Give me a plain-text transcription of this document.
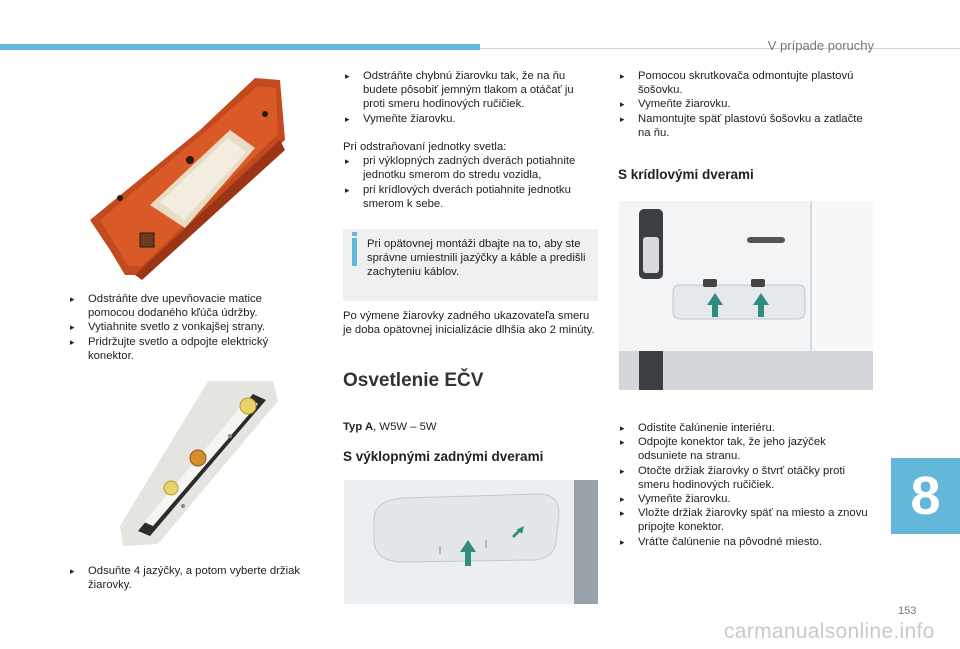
V prípade poruchy

▸ Odstráňte dve upevňovacie matice pomocou dodaného kľúča údržby.

▸ Vytiahnite svetlo z vonkajšej strany.

▸ Pridržujte svetlo a odpojte elektrický konektor.

▸ Odsuňte 4 jazýčky, a potom vyberte držiak žiarovky.

▸ Odstráňte chybnú žiarovku tak, že na ňu budete pôsobiť jemným tlakom a otáčať ju proti smeru hodinových ručičiek.

▸ Vymeňte žiarovku.

Pri odstraňovaní jednotky svetla:

▸ pri výklopných zadných dverách potiahnite jednotku smerom do stredu vozidla,

▸ pri krídlových dverách potiahnite jednotku smerom k sebe.

Pri opätovnej montáži dbajte na to, aby ste správne umiestnili jazýčky a káble a predišli zachyteniu káblov.
Po výmene žiarovky zadného ukazovateľa smeru je doba opätovnej inicializácie dlhšia ako 2 minúty.
Osvetlenie EČV
Typ A, W5W – 5W
S výklopnými zadnými dverami

▸ Pomocou skrutkovača odmontujte plastovú šošovku.

▸ Vymeňte žiarovku.

▸ Namontujte späť plastovú šošovku a zatlačte na ňu.

S krídlovými dverami

▸ Odistite čalúnenie interiéru.

▸ Odpojte konektor tak, že jeho jazýček odsuniete na stranu.

▸ Otočte držiak žiarovky o štvrť otáčky proti smeru hodinových ručičiek.

▸ Vymeňte žiarovku.

▸ Vložte držiak žiarovky späť na miesto a znovu pripojte konektor.

▸ Vráťte čalúnenie na pôvodné miesto.

8
153
carmanualsonline.info
